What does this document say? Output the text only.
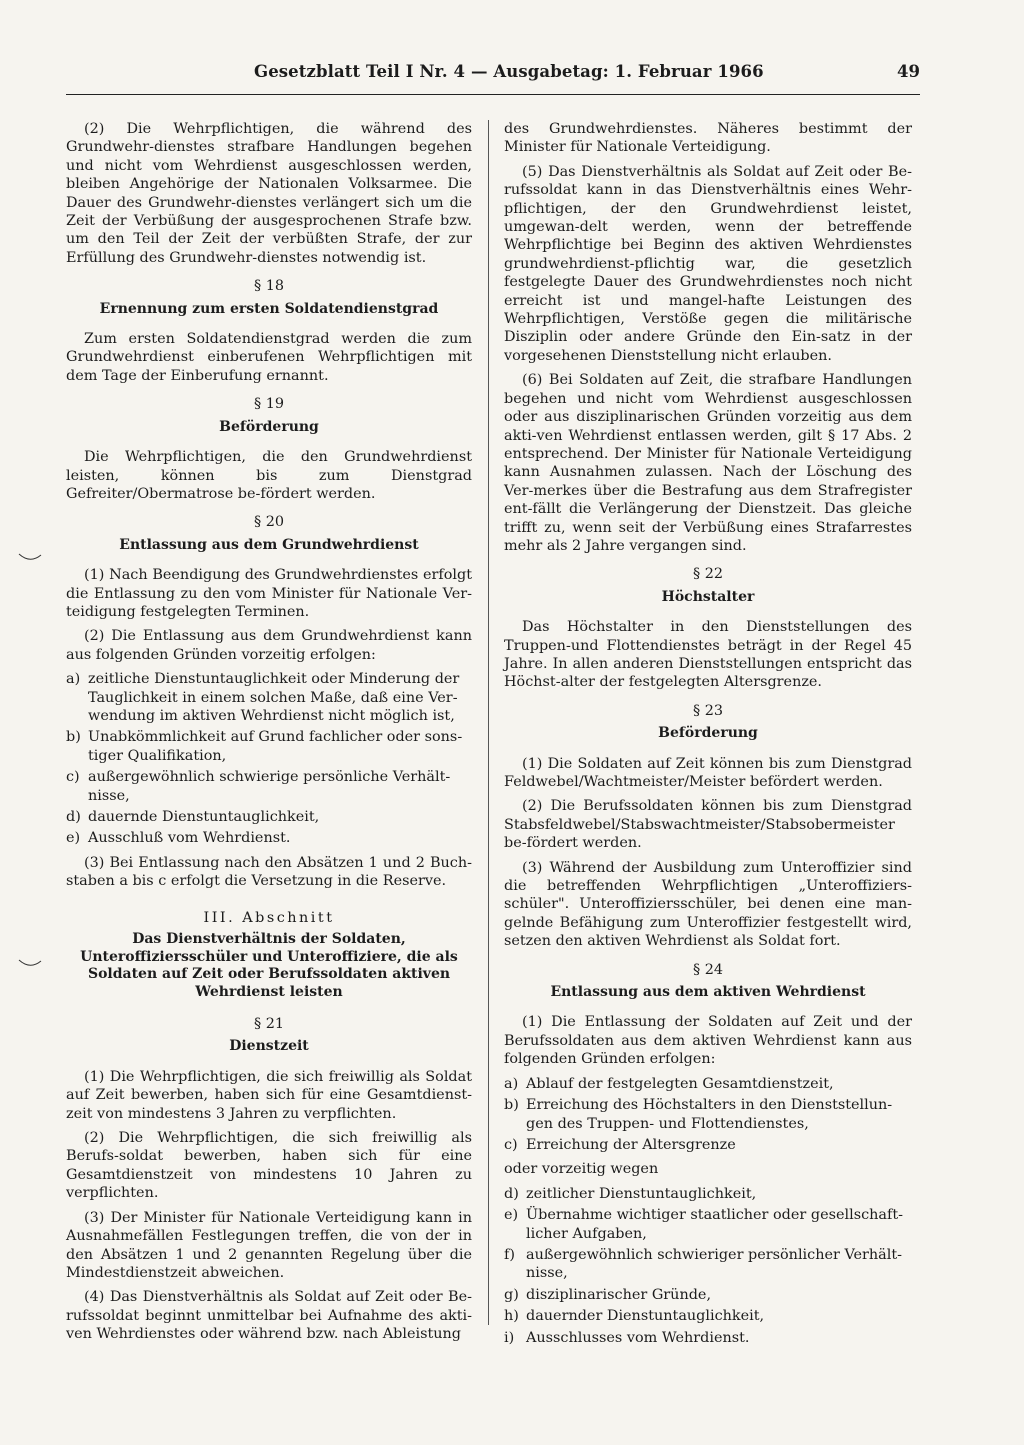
Gesetzblatt Teil I Nr. 4 — Ausgabetag: 1. Februar 1966	49

(2) Die Wehrpflichtigen, die während des Grundwehr-dienstes strafbare Handlungen begehen und nicht vom Wehrdienst ausgeschlossen werden, bleiben Angehörige der Nationalen Volksarmee. Die Dauer des Grundwehr-dienstes verlängert sich um die Zeit der Verbüßung der ausgesprochenen Strafe bzw. um den Teil der Zeit der verbüßten Strafe, der zur Erfüllung des Grundwehr-dienstes notwendig ist.

§ 18
Ernennung zum ersten Soldatendienstgrad

Zum ersten Soldatendienstgrad werden die zum Grundwehrdienst einberufenen Wehrpflichtigen mit dem Tage der Einberufung ernannt.

§ 19
Beförderung

Die Wehrpflichtigen, die den Grundwehrdienst leisten, können bis zum Dienstgrad Gefreiter/Obermatrose be-fördert werden.

§ 20
Entlassung aus dem Grundwehrdienst

(1) Nach Beendigung des Grundwehrdienstes erfolgt die Entlassung zu den vom Minister für Nationale Ver-teidigung festgelegten Terminen.

(2) Die Entlassung aus dem Grundwehrdienst kann aus folgenden Gründen vorzeitig erfolgen:

a) zeitliche Dienstuntauglichkeit oder Minderung der Tauglichkeit in einem solchen Maße, daß eine Ver-wendung im aktiven Wehrdienst nicht möglich ist,
b) Unabkömmlichkeit auf Grund fachlicher oder sons-tiger Qualifikation,
c) außergewöhnlich schwierige persönliche Verhält-nisse,
d) dauernde Dienstuntauglichkeit,
e) Ausschluß vom Wehrdienst.

(3) Bei Entlassung nach den Absätzen 1 und 2 Buch-staben a bis c erfolgt die Versetzung in die Reserve.

III. Abschnitt
Das Dienstverhältnis der Soldaten, Unteroffiziersschüler und Unteroffiziere, die als Soldaten auf Zeit oder Berufssoldaten aktiven Wehrdienst leisten
§ 21
Dienstzeit

(1) Die Wehrpflichtigen, die sich freiwillig als Soldat auf Zeit bewerben, haben sich für eine Gesamtdienst-zeit von mindestens 3 Jahren zu verpflichten.

(2) Die Wehrpflichtigen, die sich freiwillig als Berufs-soldat bewerben, haben sich für eine Gesamtdienstzeit von mindestens 10 Jahren zu verpflichten.

(3) Der Minister für Nationale Verteidigung kann in Ausnahmefällen Festlegungen treffen, die von der in den Absätzen 1 und 2 genannten Regelung über die Mindestdienstzeit abweichen.

(4) Das Dienstverhältnis als Soldat auf Zeit oder Be-rufssoldat beginnt unmittelbar bei Aufnahme des akti-ven Wehrdienstes oder während bzw. nach Ableistung

des Grundwehrdienstes. Näheres bestimmt der Minister für Nationale Verteidigung.

(5) Das Dienstverhältnis als Soldat auf Zeit oder Be-rufssoldat kann in das Dienstverhältnis eines Wehr-pflichtigen, der den Grundwehrdienst leistet, umgewan-delt werden, wenn der betreffende Wehrpflichtige bei Beginn des aktiven Wehrdienstes grundwehrdienst-pflichtig war, die gesetzlich festgelegte Dauer des Grundwehrdienstes noch nicht erreicht ist und mangel-hafte Leistungen des Wehrpflichtigen, Verstöße gegen die militärische Disziplin oder andere Gründe den Ein-satz in der vorgesehenen Dienststellung nicht erlauben.

(6) Bei Soldaten auf Zeit, die strafbare Handlungen begehen und nicht vom Wehrdienst ausgeschlossen oder aus disziplinarischen Gründen vorzeitig aus dem akti-ven Wehrdienst entlassen werden, gilt § 17 Abs. 2 entsprechend. Der Minister für Nationale Verteidigung kann Ausnahmen zulassen. Nach der Löschung des Ver-merkes über die Bestrafung aus dem Strafregister ent-fällt die Verlängerung der Dienstzeit. Das gleiche trifft zu, wenn seit der Verbüßung eines Strafarrestes mehr als 2 Jahre vergangen sind.

§ 22
Höchstalter

Das Höchstalter in den Dienststellungen des Truppen-und Flottendienstes beträgt in der Regel 45 Jahre. In allen anderen Dienststellungen entspricht das Höchst-alter der festgelegten Altersgrenze.

§ 23
Beförderung

(1) Die Soldaten auf Zeit können bis zum Dienstgrad Feldwebel/Wachtmeister/Meister befördert werden.

(2) Die Berufssoldaten können bis zum Dienstgrad Stabsfeldwebel/Stabswachtmeister/Stabsobermeister be-fördert werden.

(3) Während der Ausbildung zum Unteroffizier sind die betreffenden Wehrpflichtigen „Unteroffiziers-schüler". Unteroffiziersschüler, bei denen eine man-gelnde Befähigung zum Unteroffizier festgestellt wird, setzen den aktiven Wehrdienst als Soldat fort.

§ 24
Entlassung aus dem aktiven Wehrdienst

(1) Die Entlassung der Soldaten auf Zeit und der Berufssoldaten aus dem aktiven Wehrdienst kann aus folgenden Gründen erfolgen:

a) Ablauf der festgelegten Gesamtdienstzeit,
b) Erreichung des Höchstalters in den Dienststellun-gen des Truppen- und Flottendienstes,
c) Erreichung der Altersgrenze

oder vorzeitig wegen

d) zeitlicher Dienstuntauglichkeit,
e) Übernahme wichtiger staatlicher oder gesellschaft-licher Aufgaben,
f) außergewöhnlich schwieriger persönlicher Verhält-nisse,
g) disziplinarischer Gründe,
h) dauernder Dienstuntauglichkeit,
i) Ausschlusses vom Wehrdienst.
